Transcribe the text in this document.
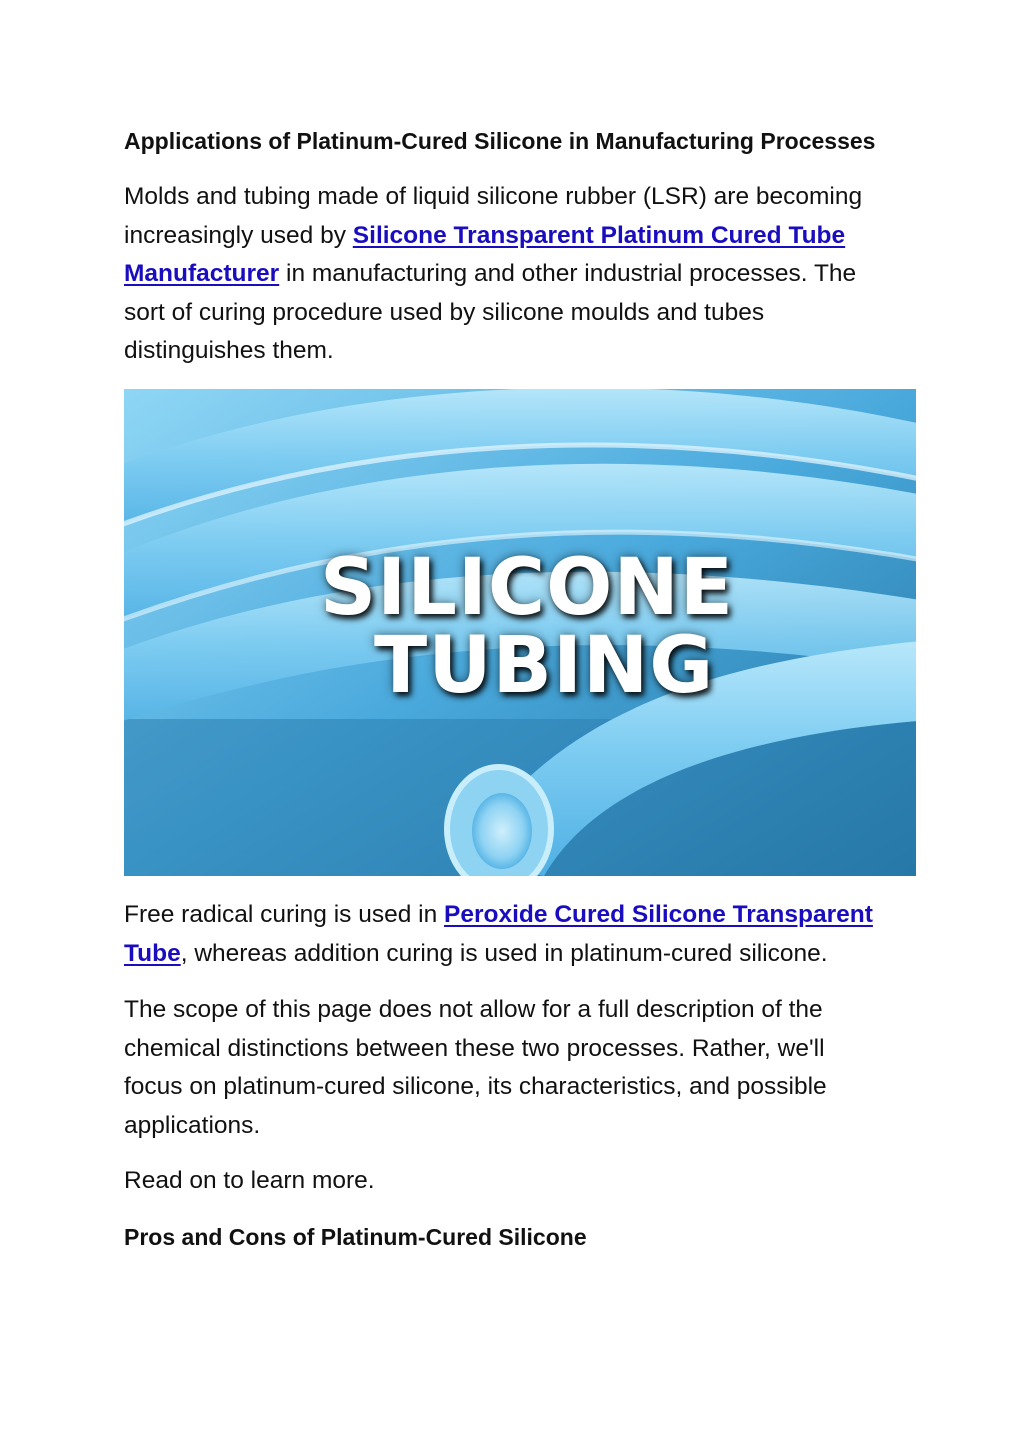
Applications of Platinum-Cured Silicone in Manufacturing Processes

Molds and tubing made of liquid silicone rubber (LSR) are becoming increasingly used by Silicone Transparent Platinum Cured Tube Manufacturer in manufacturing and other industrial processes. The sort of curing procedure used by silicone moulds and tubes distinguishes them.

SILICONE
TUBING

Free radical curing is used in Peroxide Cured Silicone Transparent Tube, whereas addition curing is used in platinum-cured silicone.

The scope of this page does not allow for a full description of the chemical distinctions between these two processes. Rather, we'll focus on platinum-cured silicone, its characteristics, and possible applications.

Read on to learn more.

Pros and Cons of Platinum-Cured Silicone
